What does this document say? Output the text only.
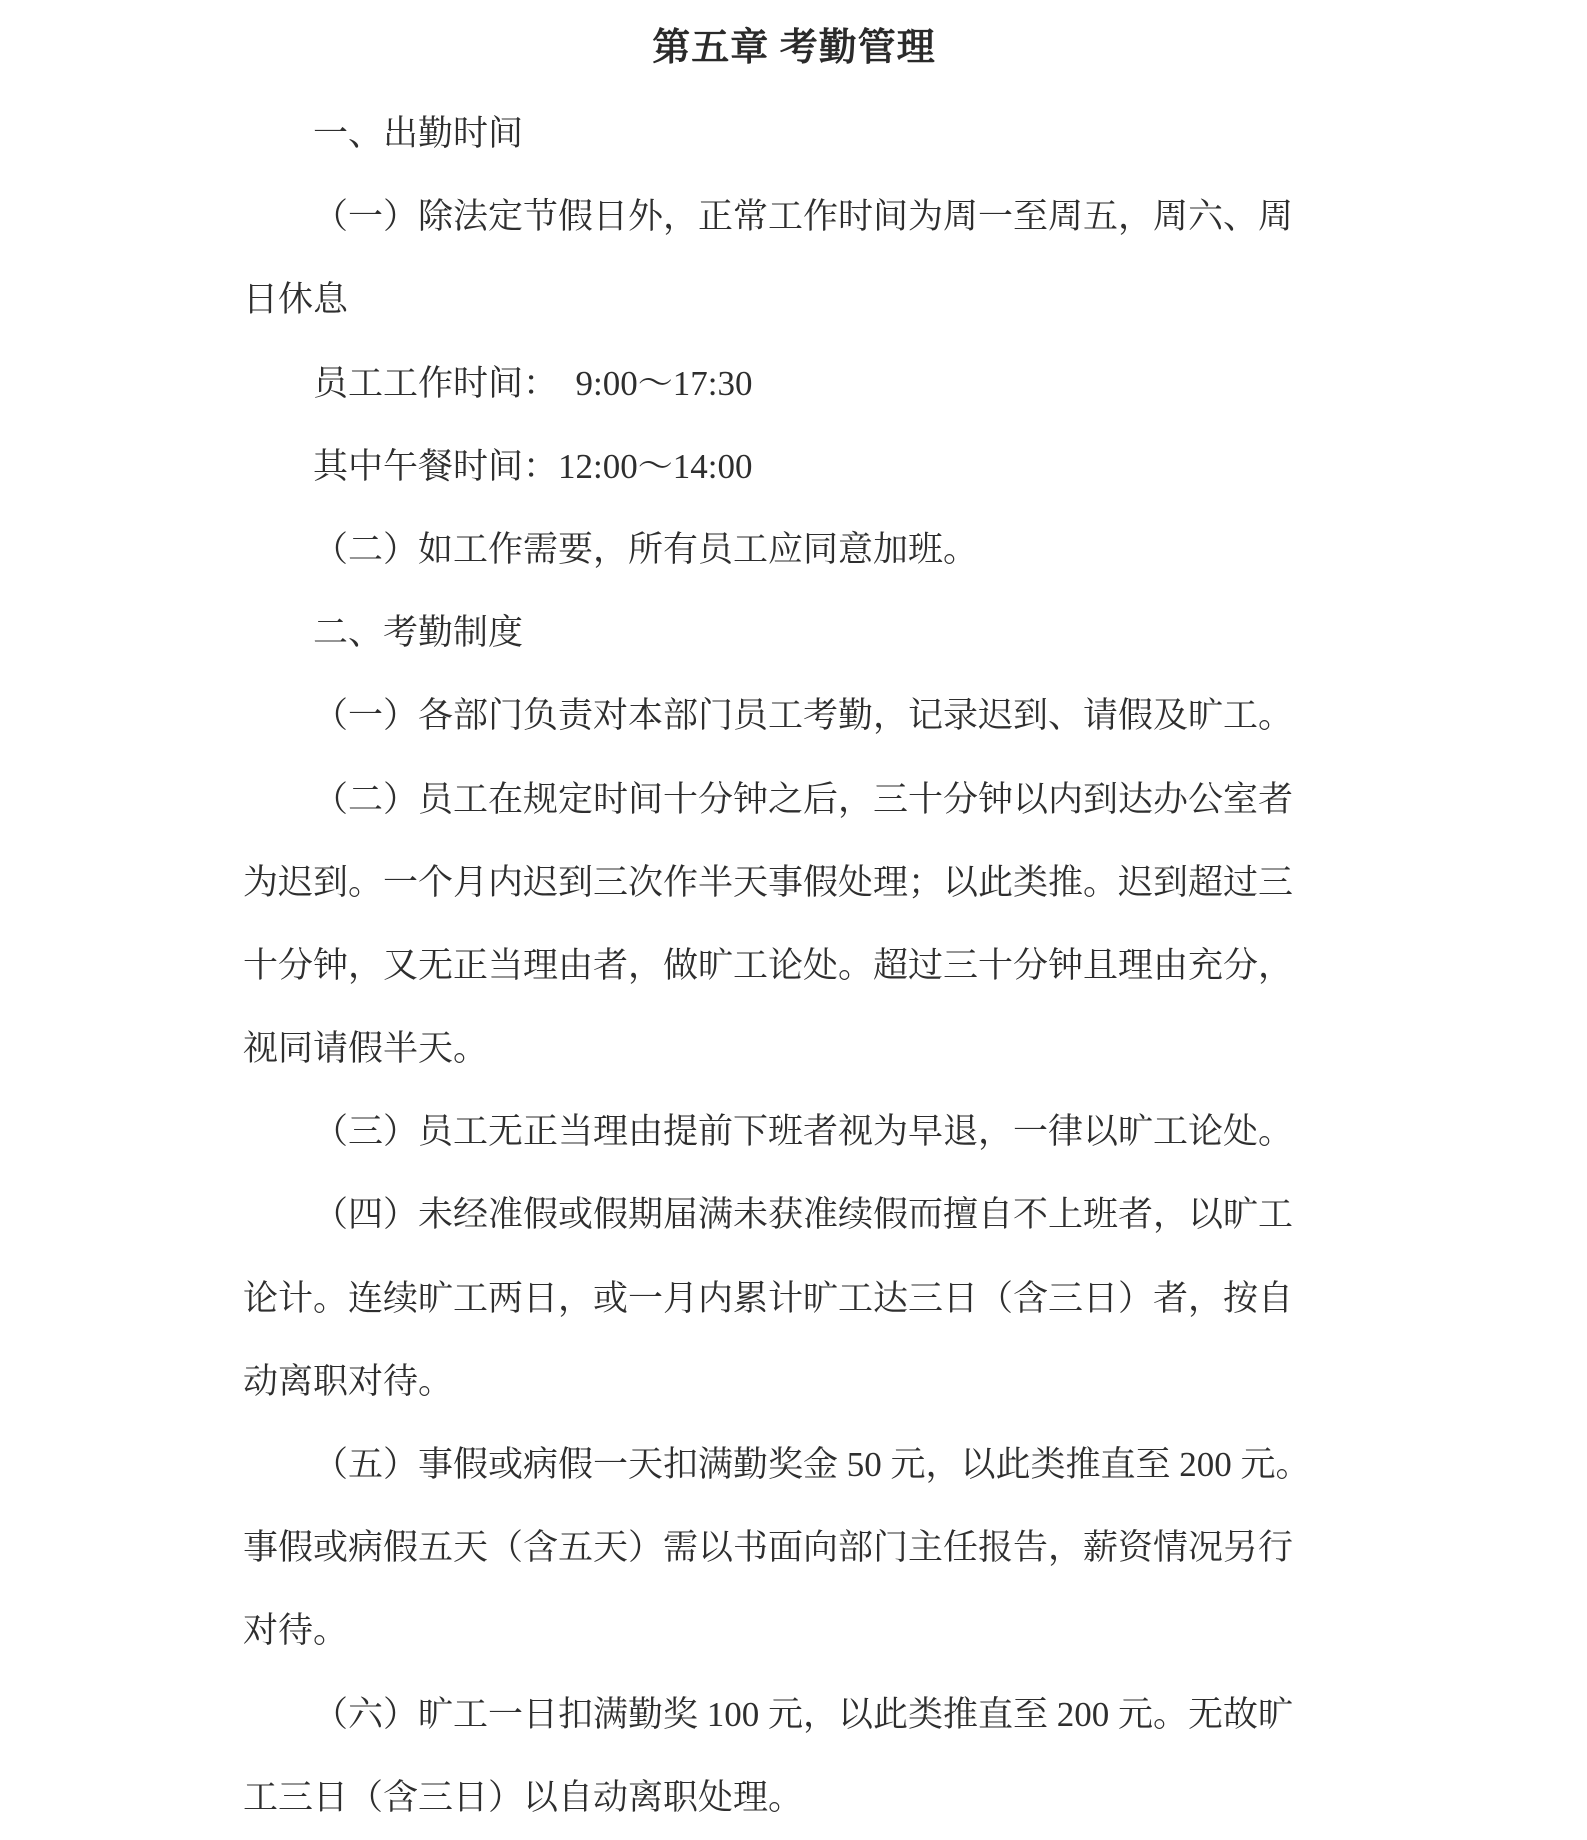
第五章 考勤管理

一、出勤时间

（一）除法定节假日外，正常工作时间为周一至周五，周六、周

日休息

员工工作时间：  9:00～17:30

其中午餐时间：12:00～14:00

（二）如工作需要，所有员工应同意加班。

二、考勤制度

（一）各部门负责对本部门员工考勤，记录迟到、请假及旷工。

（二）员工在规定时间十分钟之后，三十分钟以内到达办公室者

为迟到。一个月内迟到三次作半天事假处理；以此类推。迟到超过三

十分钟，又无正当理由者，做旷工论处。超过三十分钟且理由充分，

视同请假半天。

（三）员工无正当理由提前下班者视为早退，一律以旷工论处。

（四）未经准假或假期届满未获准续假而擅自不上班者，以旷工

论计。连续旷工两日，或一月内累计旷工达三日（含三日）者，按自

动离职对待。

（五）事假或病假一天扣满勤奖金 50 元，以此类推直至 200 元。

事假或病假五天（含五天）需以书面向部门主任报告，薪资情况另行

对待。

（六）旷工一日扣满勤奖 100 元，以此类推直至 200 元。无故旷

工三日（含三日）以自动离职处理。
